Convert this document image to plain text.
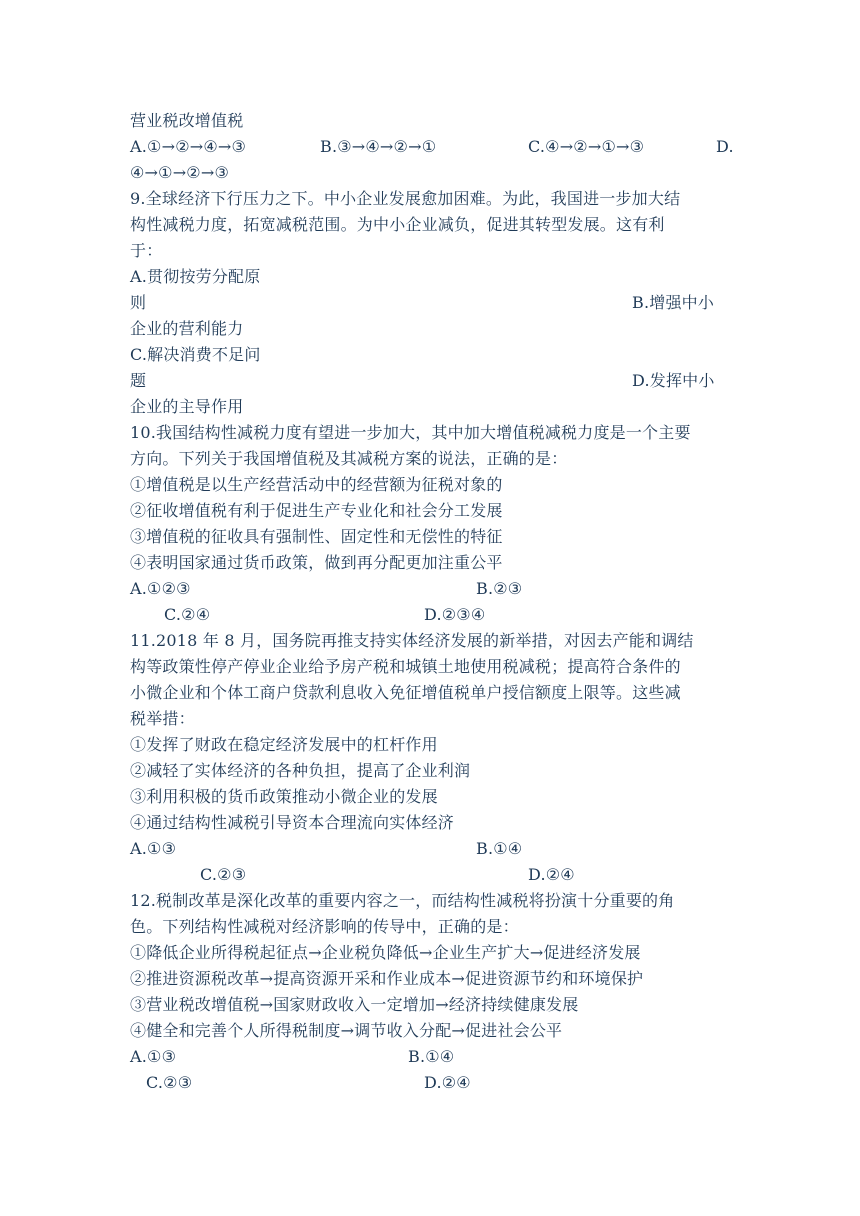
营业税改增值税
A.①→②→④→③	B.③→④→②→①	C.④→②→①→③	D.
④→①→②→③
9.全球经济下行压力之下。中小企业发展愈加困难。为此，我国进一步加大结
构性减税力度，拓宽减税范围。为中小企业减负，促进其转型发展。这有利
于：
A.贯彻按劳分配原
则	B.增强中小
企业的营利能力
C.解决消费不足问
题	D.发挥中小
企业的主导作用
10.我国结构性减税力度有望进一步加大，其中加大增值税减税力度是一个主要
方向。下列关于我国增值税及其减税方案的说法，正确的是：
①增值税是以生产经营活动中的经营额为征税对象的
②征收增值税有利于促进生产专业化和社会分工发展
③增值税的征收具有强制性、固定性和无偿性的特征
④表明国家通过货币政策，做到再分配更加注重公平
A.①②③	B.②③
C.②④	D.②③④
11.2018 年 8 月，国务院再推支持实体经济发展的新举措，对因去产能和调结
构等政策性停产停业企业给予房产税和城镇土地使用税减税；提高符合条件的
小微企业和个体工商户贷款利息收入免征增值税单户授信额度上限等。这些减
税举措：
①发挥了财政在稳定经济发展中的杠杆作用
②减轻了实体经济的各种负担，提高了企业利润
③利用积极的货币政策推动小微企业的发展
④通过结构性减税引导资本合理流向实体经济
A.①③	B.①④
C.②③	D.②④
12.税制改革是深化改革的重要内容之一，而结构性减税将扮演十分重要的角
色。下列结构性减税对经济影响的传导中，正确的是：
①降低企业所得税起征点→企业税负降低→企业生产扩大→促进经济发展
②推进资源税改革→提高资源开采和作业成本→促进资源节约和环境保护
③营业税改增值税→国家财政收入一定增加→经济持续健康发展
④健全和完善个人所得税制度→调节收入分配→促进社会公平
A.①③	B.①④
C.②③	D.②④
